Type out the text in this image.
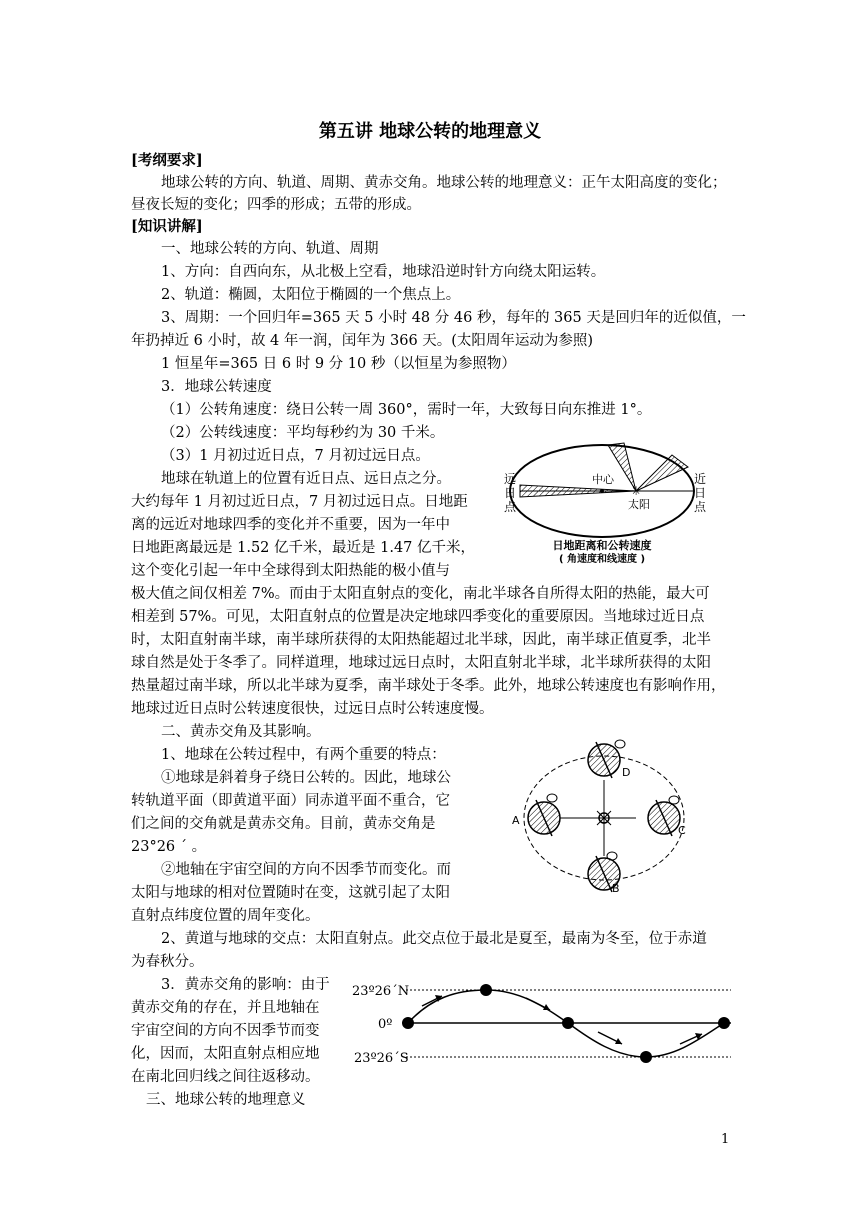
第五讲 地球公转的地理意义
[考纲要求]
地球公转的方向、轨道、周期、黄赤交角。地球公转的地理意义：正午太阳高度的变化；
昼夜长短的变化；四季的形成；五带的形成。
[知识讲解]
一、地球公转的方向、轨道、周期
1、方向：自西向东，从北极上空看，地球沿逆时针方向绕太阳运转。
2、轨道：椭圆，太阳位于椭圆的一个焦点上。
3、周期：一个回归年=365 天 5 小时 48 分 46 秒，每年的 365 天是回归年的近似值，一
年扔掉近 6 小时，故 4 年一润，闰年为 366 天。(太阳周年运动为参照)
1 恒星年=365 日 6 时 9 分 10 秒（以恒星为参照物）
3．地球公转速度
（1）公转角速度：绕日公转一周 360°，需时一年，大致每日向东推进 1°。
（2）公转线速度：平均每秒约为 30 千米。
（3）1 月初过近日点，7 月初过远日点。
地球在轨道上的位置有近日点、远日点之分。
大约每年 1 月初过近日点，7 月初过远日点。日地距
离的远近对地球四季的变化并不重要，因为一年中
日地距离最远是 1.52 亿千米，最近是 1.47 亿千米，
这个变化引起一年中全球得到太阳热能的极小值与
极大值之间仅相差 7%。而由于太阳直射点的变化，南北半球各自所得太阳的热能，最大可
相差到 57%。可见，太阳直射点的位置是决定地球四季变化的重要原因。当地球过近日点
时，太阳直射南半球，南半球所获得的太阳热能超过北半球，因此，南半球正值夏季，北半
球自然是处于冬季了。同样道理，地球过远日点时，太阳直射北半球，北半球所获得的太阳
热量超过南半球，所以北半球为夏季，南半球处于冬季。此外，地球公转速度也有影响作用，
地球过近日点时公转速度很快，过远日点时公转速度慢。
二、黄赤交角及其影响。
1、地球在公转过程中，有两个重要的特点：
①地球是斜着身子绕日公转的。因此，地球公
转轨道平面（即黄道平面）同赤道平面不重合，它
们之间的交角就是黄赤交角。目前，黄赤交角是
23°26 ´ 。
②地轴在宇宙空间的方向不因季节而变化。而
太阳与地球的相对位置随时在变，这就引起了太阳
直射点纬度位置的周年变化。
2、黄道与地球的交点：太阳直射点。此交点位于最北是夏至，最南为冬至，位于赤道
为春秋分。
3．黄赤交角的影响：由于
黄赤交角的存在，并且地轴在
宇宙空间的方向不因季节而变
化，因而，太阳直射点相应地
在南北回归线之间往返移动。
三、地球公转的地理意义
中心
✳
太阳
远
日
点
近
日
点
日地距离和公转速度
( 角速度和线速度 )
A
D
C
B
23º26´N
0º
23º26´S
1
